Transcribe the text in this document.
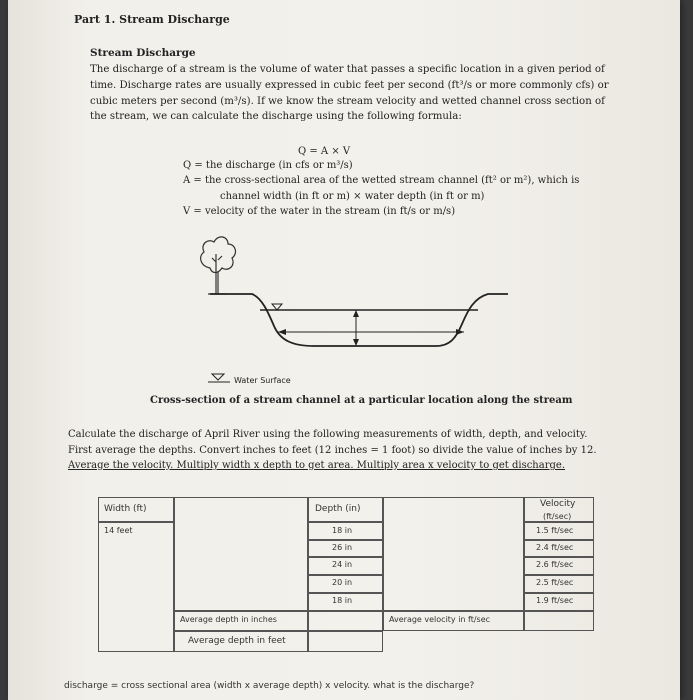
Part 1. Stream Discharge
Stream Discharge
The discharge of a stream is the volume of water that passes a specific location in a given period of
time. Discharge rates are usually expressed in cubic feet per second (ft³/s or more commonly cfs) or
cubic meters per second (m³/s). If we know the stream velocity and wetted channel cross section of
the stream, we can calculate the discharge using the following formula:
Q = A × V
Q = the discharge (in cfs or m³/s)
A = the cross-sectional area of the wetted stream channel (ft² or m²), which is
channel width (in ft or m) × water depth (in ft or m)
V = velocity of the water in the stream (in ft/s or m/s)
Water Surface
Cross-section of a stream channel at a particular location along the stream
Calculate the discharge of April River using the following measurements of width, depth, and velocity.
First average the depths. Convert inches to feet (12 inches = 1 foot) so divide the value of inches by 12.
Average the velocity. Multiply width x depth to get area. Multiply area x velocity to get discharge.
Width (ft)
14 feet
Depth (in)
18 in
26 in
24 in
20 in
18 in
Velocity
(ft/sec)
1.5 ft/sec
2.4 ft/sec
2.6 ft/sec
2.5 ft/sec
1.9 ft/sec
Average depth in inches	Average velocity in ft/sec
Average depth in feet
discharge = cross sectional area (width x average depth) x velocity. what is the discharge?
